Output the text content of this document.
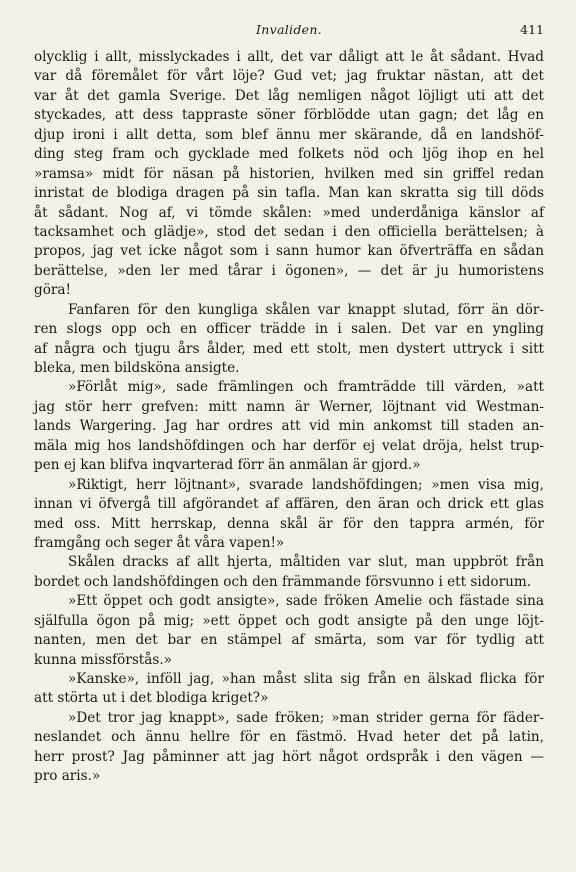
Invaliden.	411
olycklig i allt, misslyckades i allt, det var dåligt att le åt sådant. Hvad
var då föremålet för vårt löje? Gud vet; jag fruktar nästan, att det
var åt det gamla Sverige. Det låg nemligen något löjligt uti att det
styckades, att dess tappraste söner förblödde utan gagn; det låg en
djup ironi i allt detta, som blef ännu mer skärande, då en landshöf-
ding steg fram och gycklade med folkets nöd och ljög ihop en hel
»ramsa» midt för näsan på historien, hvilken med sin griffel redan
inristat de blodiga dragen på sin tafla. Man kan skratta sig till döds
åt sådant. Nog af, vi tömde skålen: »med underdåniga känslor af
tacksamhet och glädje», stod det sedan i den officiella berättelsen; à
propos, jag vet icke något som i sann humor kan öfverträffa en sådan
berättelse, »den ler med tårar i ögonen», — det är ju humoristens
göra!
Fanfaren för den kungliga skålen var knappt slutad, förr än dör-
ren slogs opp och en officer trädde in i salen. Det var en yngling
af några och tjugu års ålder, med ett stolt, men dystert uttryck i sitt
bleka, men bildsköna ansigte.
»Förlåt mig», sade främlingen och framträdde till värden, »att
jag stör herr grefven: mitt namn är Werner, löjtnant vid Westman-
lands Wargering. Jag har ordres att vid min ankomst till staden an-
mäla mig hos landshöfdingen och har derför ej velat dröja, helst trup-
pen ej kan blifva inqvarterad förr än anmälan är gjord.»
»Riktigt, herr löjtnant», svarade landshöfdingen; »men visa mig,
innan vi öfvergå till afgörandet af affären, den äran och drick ett glas
med oss. Mitt herrskap, denna skål är för den tappra armén, för
framgång och seger åt våra vapen!»
Skålen dracks af allt hjerta, måltiden var slut, man uppbröt från
bordet och landshöfdingen och den främmande försvunno i ett sidorum.
»Ett öppet och godt ansigte», sade fröken Amelie och fästade sina
själfulla ögon på mig; »ett öppet och godt ansigte på den unge löjt-
nanten, men det bar en stämpel af smärta, som var för tydlig att
kunna missförstås.»
»Kanske», inföll jag, »han måst slita sig från en älskad flicka för
att störta ut i det blodiga kriget?»
»Det tror jag knappt», sade fröken; »man strider gerna för fäder-
neslandet och ännu hellre för en fästmö. Hvad heter det på latin,
herr prost? Jag påminner att jag hört något ordspråk i den vägen —
pro aris.»
